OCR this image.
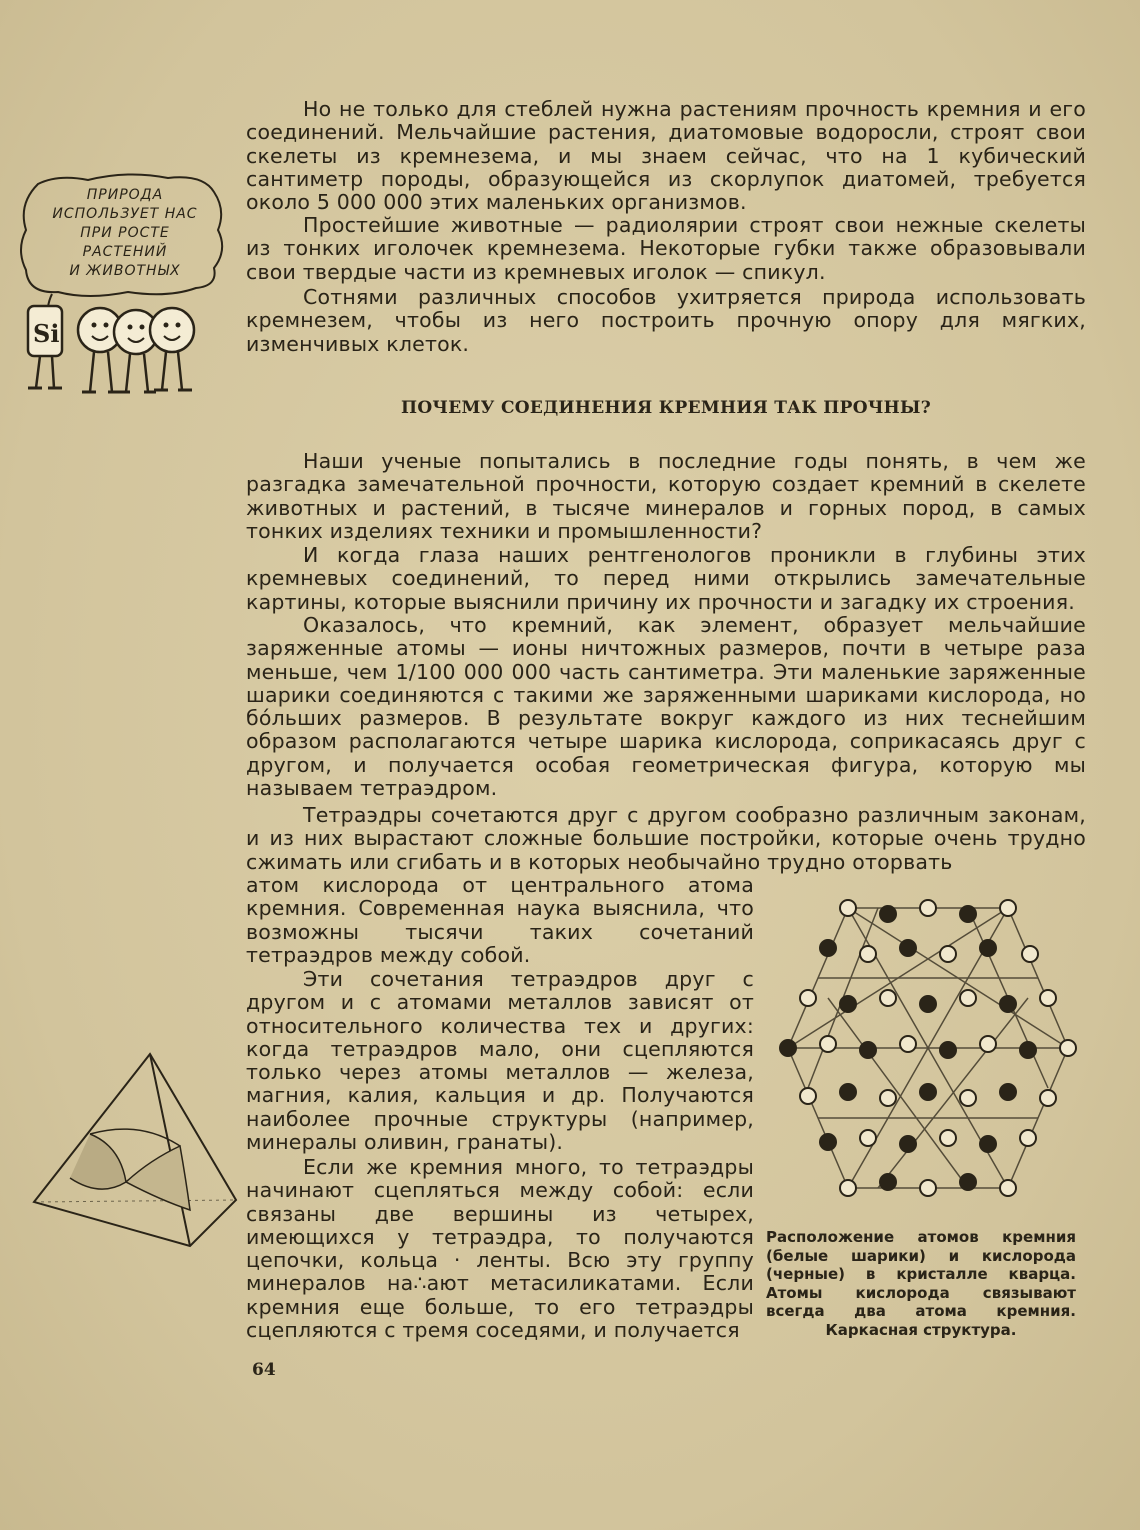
Si
ПРИРОДА
ИСПОЛЬЗУЕТ НАС
ПРИ РОСТЕ
РАСТЕНИЙ
И ЖИВОТНЫХ

Но не только для стеблей нужна растениям прочность кремния и его соединений. Мельчайшие растения, диатомовые водоросли, строят свои скелеты из кремнезема, и мы знаем сейчас, что на 1 кубический сантиметр породы, образующейся из скорлупок диатомей, требуется около 5 000 000 этих маленьких организмов.

Простейшие животные — радиолярии строят свои нежные скелеты из тонких иголочек кремнезема. Некоторые губки также образовывали свои твердые части из кремневых иголок — спикул.

Сотнями различных способов ухитряется природа использовать кремнезем, чтобы из него построить прочную опору для мягких, изменчивых клеток.

ПОЧЕМУ СОЕДИНЕНИЯ КРЕМНИЯ ТАК ПРОЧНЫ?

Наши ученые попытались в последние годы понять, в чем же разгадка замечательной прочности, которую создает кремний в скелете животных и растений, в тысяче минералов и горных пород, в самых тонких изделиях техники и промышленности?

И когда глаза наших рентгенологов проникли в глубины этих кремневых соединений, то перед ними открылись замечательные картины, которые выяснили причину их прочности и загадку их строения.

Оказалось, что кремний, как элемент, образует мельчайшие заряженные атомы — ионы ничтожных размеров, почти в четыре раза меньше, чем 1/100 000 000 часть сантиметра. Эти маленькие заряженные шарики соединяются с такими же заряженными шариками кислорода, но бóльших размеров. В результате вокруг каждого из них теснейшим образом располагаются четыре шарика кислорода, соприкасаясь друг с другом, и получается особая геометрическая фигура, которую мы называем тетраэдром.

Тетраэдры сочетаются друг с другом сообразно различным законам, и из них вырастают сложные большие постройки, которые очень трудно сжимать или сгибать и в которых необычайно трудно оторвать

атом кислорода от центрального атома кремния. Современная наука выяснила, что возможны тысячи таких сочетаний тетраэдров между собой.

Эти сочетания тетраэдров друг с другом и с атомами металлов зависят от относительного количества тех и других: когда тетраэдров мало, они сцепляются только через атомы металлов — железа, магния, калия, кальция и др. Получаются наиболее прочные структуры (например, минералы оливин, гранаты).

Если же кремния много, то тетраэдры начинают сцепляться между собой: если связаны две вершины из четырех, имеющихся у тетраэдра, то получаются цепочки, кольца · ленты. Всю эту группу минералов на∴ают метасиликатами. Если кремния еще больше, то его тетраэдры сцепляются с тремя соседями, и получается

Расположение атомов кремния (белые шарики) и кислорода (черные) в кристалле кварца. Атомы кислорода связывают всегда два атома кремния. Каркасная структура.
64
